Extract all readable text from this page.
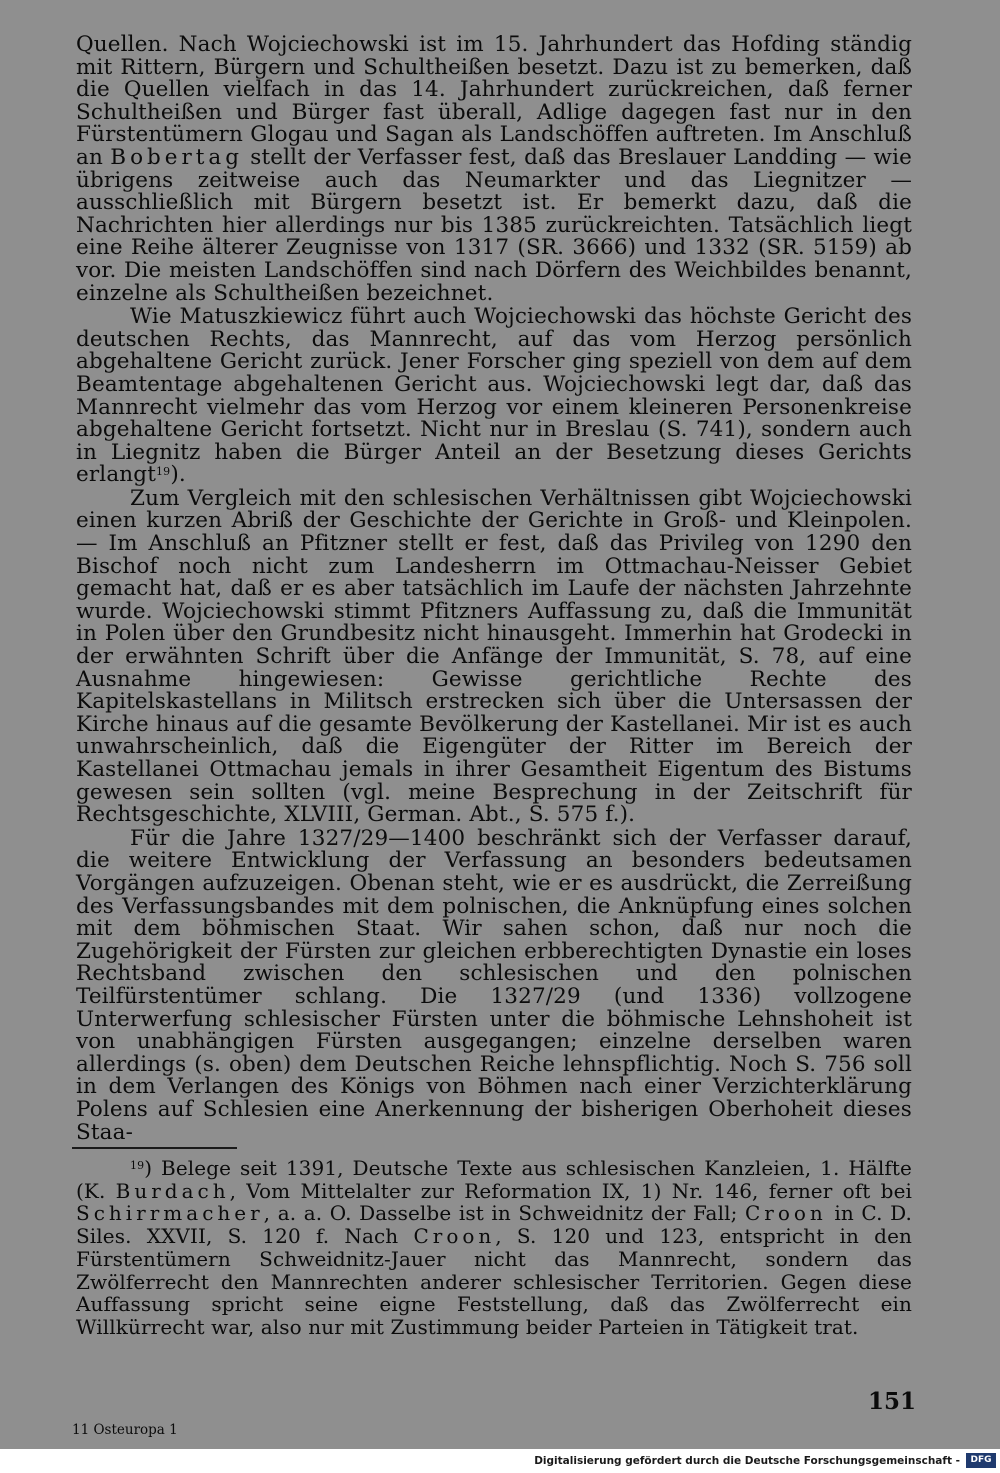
Quellen. Nach Wojciechowski ist im 15. Jahrhundert das Hofding ständig mit Rittern, Bürgern und Schultheißen besetzt. Dazu ist zu bemerken, daß die Quellen vielfach in das 14. Jahrhundert zurückreichen, daß ferner Schultheißen und Bürger fast überall, Adlige dagegen fast nur in den Fürstentümern Glogau und Sagan als Landschöffen auftreten. Im Anschluß an Bobertag stellt der Verfasser fest, daß das Breslauer Landding — wie übrigens zeitweise auch das Neumarkter und das Liegnitzer — ausschließlich mit Bürgern besetzt ist. Er bemerkt dazu, daß die Nachrichten hier allerdings nur bis 1385 zurückreichten. Tatsächlich liegt eine Reihe älterer Zeugnisse von 1317 (SR. 3666) und 1332 (SR. 5159) ab vor. Die meisten Landschöffen sind nach Dörfern des Weichbildes benannt, einzelne als Schultheißen bezeichnet.

Wie Matuszkiewicz führt auch Wojciechowski das höchste Gericht des deutschen Rechts, das Mannrecht, auf das vom Herzog persönlich abgehaltene Gericht zurück. Jener Forscher ging speziell von dem auf dem Beamtentage abgehaltenen Gericht aus. Wojciechowski legt dar, daß das Mannrecht vielmehr das vom Herzog vor einem kleineren Personenkreise abgehaltene Gericht fortsetzt. Nicht nur in Breslau (S. 741), sondern auch in Liegnitz haben die Bürger Anteil an der Besetzung dieses Gerichts erlangt$^{19}$).

Zum Vergleich mit den schlesischen Verhältnissen gibt Wojciechowski einen kurzen Abriß der Geschichte der Gerichte in Groß- und Kleinpolen. — Im Anschluß an Pfitzner stellt er fest, daß das Privileg von 1290 den Bischof noch nicht zum Landesherrn im Ottmachau-Neisser Gebiet gemacht hat, daß er es aber tatsächlich im Laufe der nächsten Jahrzehnte wurde. Wojciechowski stimmt Pfitzners Auffassung zu, daß die Immunität in Polen über den Grundbesitz nicht hinausgeht. Immerhin hat Grodecki in der erwähnten Schrift über die Anfänge der Immunität, S. 78, auf eine Ausnahme hingewiesen: Gewisse gerichtliche Rechte des Kapitelskastellans in Militsch erstrecken sich über die Untersassen der Kirche hinaus auf die gesamte Bevölkerung der Kastellanei. Mir ist es auch unwahrscheinlich, daß die Eigengüter der Ritter im Bereich der Kastellanei Ottmachau jemals in ihrer Gesamtheit Eigentum des Bistums gewesen sein sollten (vgl. meine Besprechung in der Zeitschrift für Rechtsgeschichte, XLVIII, German. Abt., S. 575 f.).

Für die Jahre 1327/29—1400 beschränkt sich der Verfasser darauf, die weitere Entwicklung der Verfassung an besonders bedeutsamen Vorgängen aufzuzeigen. Obenan steht, wie er es ausdrückt, die Zerreißung des Verfassungsbandes mit dem polnischen, die Anknüpfung eines solchen mit dem böhmischen Staat. Wir sahen schon, daß nur noch die Zugehörigkeit der Fürsten zur gleichen erbberechtigten Dynastie ein loses Rechtsband zwischen den schlesischen und den polnischen Teilfürstentümer schlang. Die 1327/29 (und 1336) vollzogene Unterwerfung schlesischer Fürsten unter die böhmische Lehnshoheit ist von unabhängigen Fürsten ausgegangen; einzelne derselben waren allerdings (s. oben) dem Deutschen Reiche lehnspflichtig. Noch S. 756 soll in dem Verlangen des Königs von Böhmen nach einer Verzichterklärung Polens auf Schlesien eine Anerkennung der bisherigen Oberhoheit dieses Staa-

$^{19}$) Belege seit 1391, Deutsche Texte aus schlesischen Kanzleien, 1. Hälfte (K. Burdach, Vom Mittelalter zur Reformation IX, 1) Nr. 146, ferner oft bei Schirrmacher, a. a. O. Dasselbe ist in Schweidnitz der Fall; Croon in C. D. Siles. XXVII, S. 120 f. Nach Croon, S. 120 und 123, entspricht in den Fürstentümern Schweidnitz-Jauer nicht das Mannrecht, sondern das Zwölferrecht den Mannrechten anderer schlesischer Territorien. Gegen diese Auffassung spricht seine eigne Feststellung, daß das Zwölferrecht ein Willkürrecht war, also nur mit Zustimmung beider Parteien in Tätigkeit trat.

151
11 Osteuropa 1
Digitalisierung gefördert durch die Deutsche Forschungsgemeinschaft -	DFG
